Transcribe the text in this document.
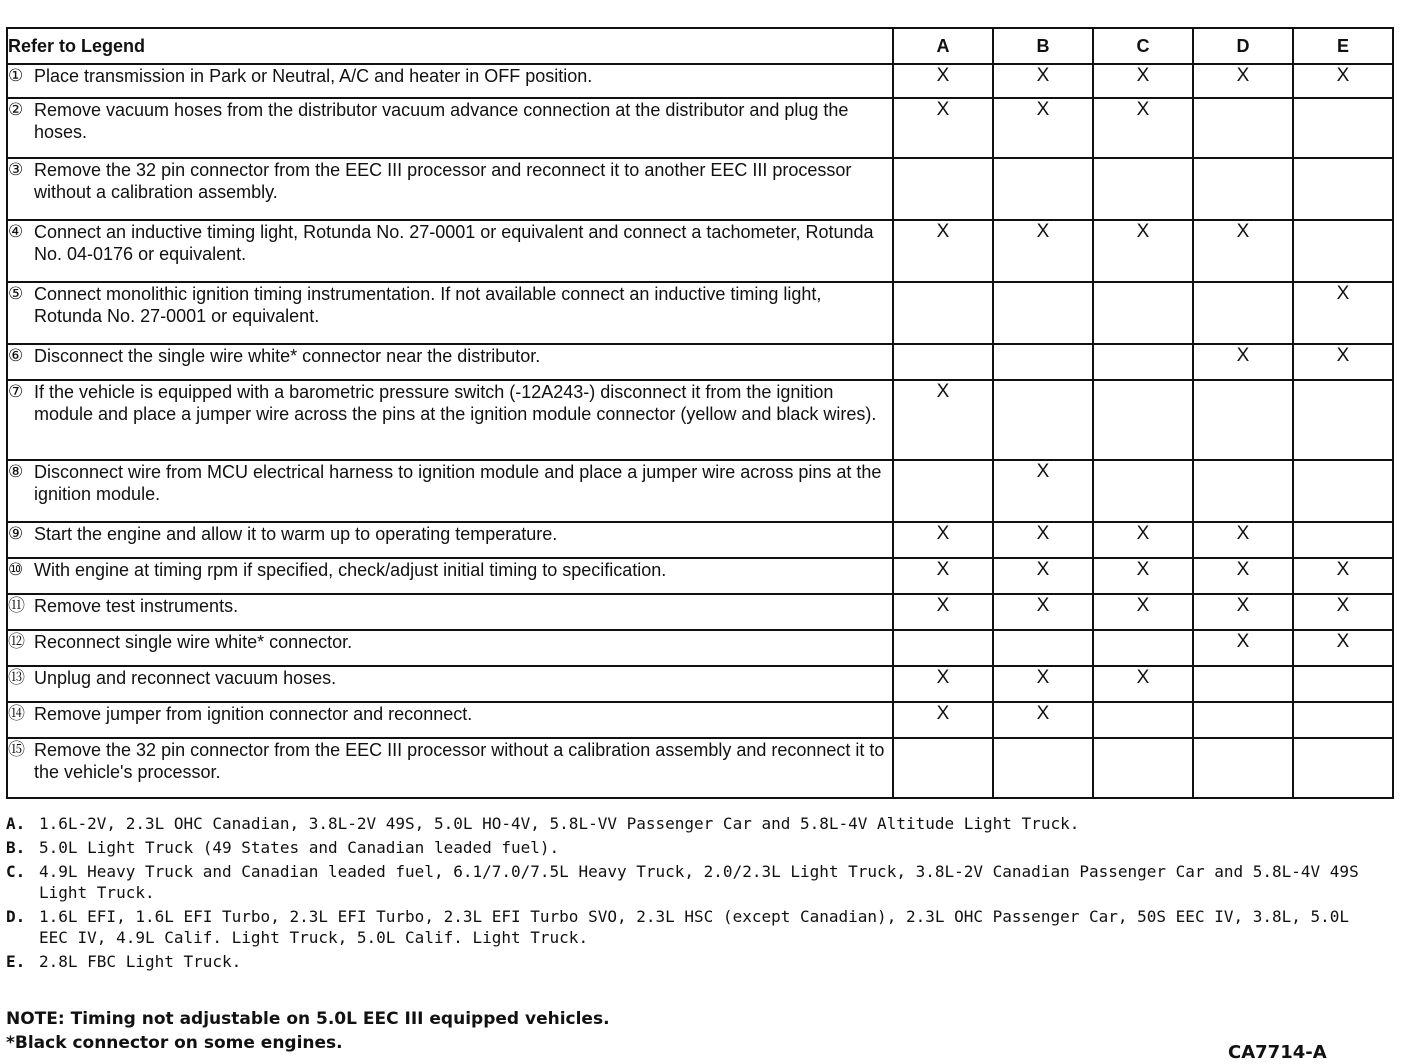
Refer to Legend	A	B	C	D	E

① Place transmission in Park or Neutral, A/C and heater in OFF position.	X	X	X	X	X

② Remove vacuum hoses from the distributor vacuum advance connection at the distributor and plug the hoses.	X	X	X		

③ Remove the 32 pin connector from the EEC III processor and reconnect it to another EEC III processor without a calibration assembly.					

④ Connect an inductive timing light, Rotunda No. 27-0001 or equivalent and connect a tachometer, Rotunda No. 04-0176 or equivalent.	X	X	X	X	

⑤ Connect monolithic ignition timing instrumentation. If not available connect an inductive timing light, Rotunda No. 27-0001 or equivalent.					X

⑥ Disconnect the single wire white* connector near the distributor.				X	X

⑦ If the vehicle is equipped with a barometric pressure switch (-12A243-) disconnect it from the ignition module and place a jumper wire across the pins at the ignition module connector (yellow and black wires).	X				

⑧ Disconnect wire from MCU electrical harness to ignition module and place a jumper wire across pins at the ignition module.		X			

⑨ Start the engine and allow it to warm up to operating temperature.	X	X	X	X	

⑩ With engine at timing rpm if specified, check/adjust initial timing to specification.	X	X	X	X	X

⑪ Remove test instruments.	X	X	X	X	X

⑫ Reconnect single wire white* connector.				X	X

⑬ Unplug and reconnect vacuum hoses.	X	X	X		

⑭ Remove jumper from ignition connector and reconnect.	X	X			

⑮ Remove the 32 pin connector from the EEC III processor without a calibration assembly and reconnect it to the vehicle's processor.					

A. 1.6L-2V, 2.3L OHC Canadian, 3.8L-2V 49S, 5.0L HO-4V, 5.8L-VV Passenger Car and 5.8L-4V Altitude Light Truck.
B. 5.0L Light Truck (49 States and Canadian leaded fuel).
C. 4.9L Heavy Truck and Canadian leaded fuel, 6.1/7.0/7.5L Heavy Truck, 2.0/2.3L Light Truck, 3.8L-2V Canadian Passenger Car and 5.8L-4V 49S Light Truck.
D. 1.6L EFI, 1.6L EFI Turbo, 2.3L EFI Turbo, 2.3L EFI Turbo SVO, 2.3L HSC (except Canadian), 2.3L OHC Passenger Car, 50S EEC IV, 3.8L, 5.0L EEC IV, 4.9L Calif. Light Truck, 5.0L Calif. Light Truck.
E. 2.8L FBC Light Truck.
NOTE: Timing not adjustable on 5.0L EEC III equipped vehicles.
*Black connector on some engines.	CA7714-A
